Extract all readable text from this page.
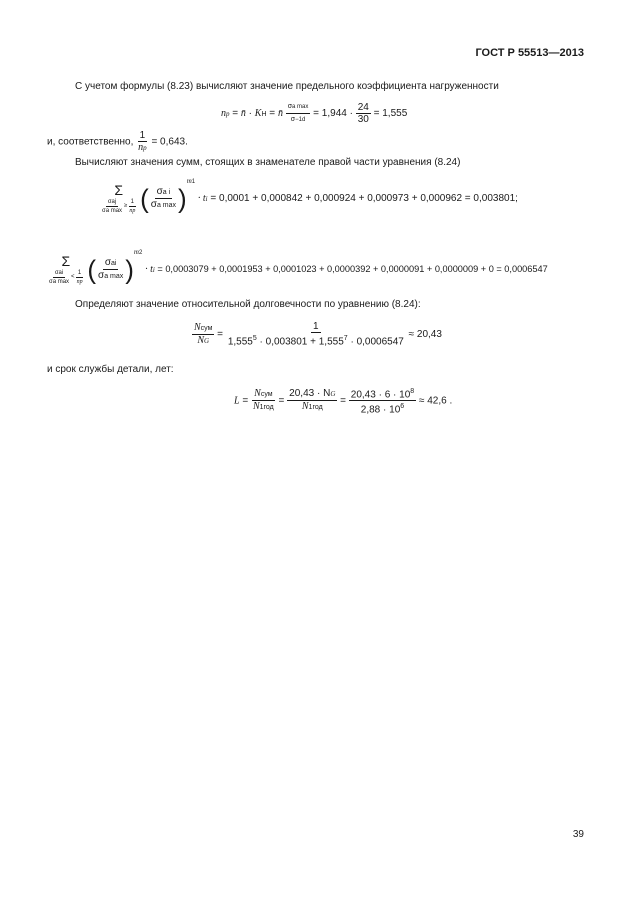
ГОСТ Р 55513—2013
С учетом формулы (8.23) вычисляют значение предельного коэффициента нагруженности
np = n̄ · KН = n̄ $\frac{\text{σa max}}{\sigma-1d} = 1,944 \cdot \frac{24}{30} = 1,555$
и, соответственно, $\frac{1}{np} = 0,643$.
Вычисляют значения сумм, стоящих в знаменателе правой части уравнения (8.24)
Σ
$\frac{\text{σaj}}{\text{σa max}} \ge \frac{1}{np}$ ( $\frac{\text{σa i}}{\text{σa max}} )m1$ · ti = 0,0001 + 0,000842 + 0,000924 + 0,000973 + 0,000962 = 0,003801;
Σ
$\frac{\text{σai}}{\text{σa max}} < \frac{1}{np}$ ( $\frac{\text{σai}}{\text{σa max}} )m2$ · ti = 0,0003079 + 0,0001953 + 0,0001023 + 0,0000392 + 0,0000091 + 0,0000009 + 0 = 0,0006547
Определяют значение относительной долговечности по уравнению (8.24):
$\frac{\text{Nсум}}{NG} = \frac{1}{1,555^5 \cdot 0,003801 + 1,555^7 \cdot 0,0006547} \approx 20,43$
и срок службы детали, лет:
$L = \frac{\text{Nсум}}{\text{N1год}} = \frac{20,43 \cdot NG}{\text{N1год}} = \frac{20,43 \cdot 6 \cdot 10^8}{2,88 \cdot 10^6} \approx 42,6$ .
39
